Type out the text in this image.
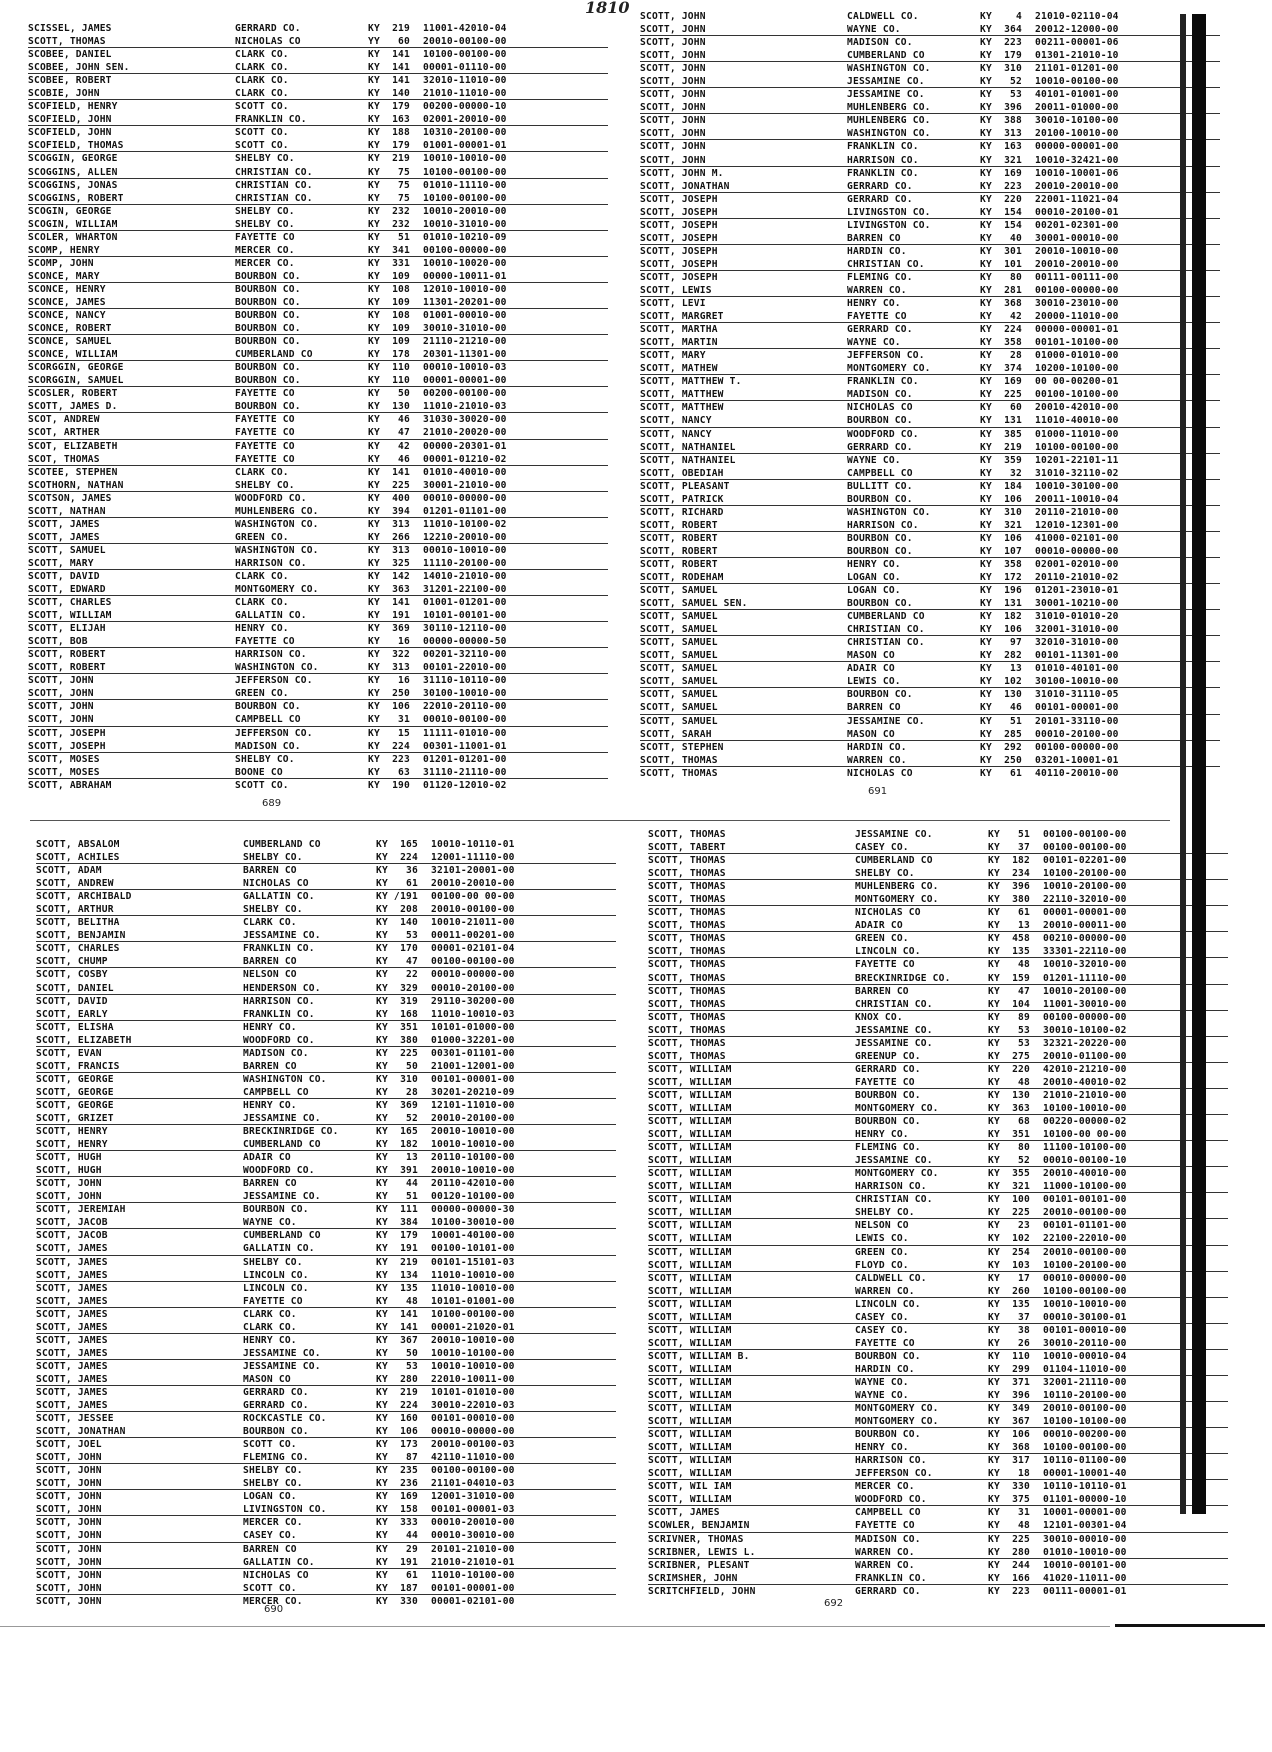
1810
SCISSEL, JAMES	GERRARD CO.	KY	219 11001-42010-04
SCOTT, THOMAS	NICHOLAS CO	YY	60 20010-00100-00
SCOBEE, DANIEL	CLARK CO.	KY	141 10100-00100-00
SCOBEE, JOHN SEN.	CLARK CO.	KY	141 00001-01110-00
SCOBEE, ROBERT	CLARK CO.	KY	141 32010-11010-00
SCOBIE, JOHN	CLARK CO.	KY	140 21010-11010-00
SCOFIELD, HENRY	SCOTT CO.	KY	179 00200-00000-10
SCOFIELD, JOHN	FRANKLIN CO.	KY	163 02001-20010-00
SCOFIELD, JOHN	SCOTT CO.	KY	188 10310-20100-00
SCOFIELD, THOMAS	SCOTT CO.	KY	179 01001-00001-01
SCOGGIN, GEORGE	SHELBY CO.	KY	219 10010-10010-00
SCOGGINS, ALLEN	CHRISTIAN CO.	KY	75 10100-00100-00
SCOGGINS, JONAS	CHRISTIAN CO.	KY	75 01010-11110-00
SCOGGINS, ROBERT	CHRISTIAN CO.	KY	75 10100-00100-00
SCOGIN, GEORGE	SHELBY CO.	KY	232 10010-20010-00
SCOGIN, WILLIAM	SHELBY CO.	KY	232 10010-31010-00
SCOLER, WHARTON	FAYETTE CO	KY	51 01010-10210-09
SCOMP, HENRY	MERCER CO.	KY	341 00100-00000-00
SCOMP, JOHN	MERCER CO.	KY	331 10010-10020-00
SCONCE, MARY	BOURBON CO.	KY	109 00000-10011-01
SCONCE, HENRY	BOURBON CO.	KY	108 12010-10010-00
SCONCE, JAMES	BOURBON CO.	KY	109 11301-20201-00
SCONCE, NANCY	BOURBON CO.	KY	108 01001-00010-00
SCONCE, ROBERT	BOURBON CO.	KY	109 30010-31010-00
SCONCE, SAMUEL	BOURBON CO.	KY	109 21110-21210-00
SCONCE, WILLIAM	CUMBERLAND CO	KY	178 20301-11301-00
SCORGGIN, GEORGE	BOURBON CO.	KY	110 00010-10010-03
SCORGGIN, SAMUEL	BOURBON CO.	KY	110 00001-00001-00
SCOSLER, ROBERT	FAYETTE CO	KY	50 00200-00100-00
SCOTT, JAMES D.	BOURBON CO.	KY	130 11010-21010-03
SCOT, ANDREW	FAYETTE CO	KY	46 31030-30020-00
SCOT, ARTHER	FAYETTE CO	KY	47 21010-20020-00
SCOT, ELIZABETH	FAYETTE CO	KY	42 00000-20301-01
SCOT, THOMAS	FAYETTE CO	KY	46 00001-01210-02
SCOTEE, STEPHEN	CLARK CO.	KY	141 01010-40010-00
SCOTHORN, NATHAN	SHELBY CO.	KY	225 30001-21010-00
SCOTSON, JAMES	WOODFORD CO.	KY	400 00010-00000-00
SCOTT, NATHAN	MUHLENBERG CO.	KY	394 01201-01101-00
SCOTT, JAMES	WASHINGTON CO.	KY	313 11010-10100-02
SCOTT, JAMES	GREEN CO.	KY	266 12210-20010-00
SCOTT, SAMUEL	WASHINGTON CO.	KY	313 00010-10010-00
SCOTT, MARY	HARRISON CO.	KY	325 11110-20100-00
SCOTT, DAVID	CLARK CO.	KY	142 14010-21010-00
SCOTT, EDWARD	MONTGOMERY CO.	KY	363 31201-22100-00
SCOTT, CHARLES	CLARK CO.	KY	141 01001-01201-00
SCOTT, WILLIAM	GALLATIN CO.	KY	191 10101-00101-00
SCOTT, ELIJAH	HENRY CO.	KY	369 30110-12110-00
SCOTT, BOB	FAYETTE CO	KY	16 00000-00000-50
SCOTT, ROBERT	HARRISON CO.	KY	322 00201-32110-00
SCOTT, ROBERT	WASHINGTON CO.	KY	313 00101-22010-00
SCOTT, JOHN	JEFFERSON CO.	KY	16 31110-10110-00
SCOTT, JOHN	GREEN CO.	KY	250 30100-10010-00
SCOTT, JOHN	BOURBON CO.	KY	106 22010-20110-00
SCOTT, JOHN	CAMPBELL CO	KY	31 00010-00100-00
SCOTT, JOSEPH	JEFFERSON CO.	KY	15 11111-01010-00
SCOTT, JOSEPH	MADISON CO.	KY	224 00301-11001-01
SCOTT, MOSES	SHELBY CO.	KY	223 01201-01201-00
SCOTT, MOSES	BOONE CO	KY	63 31110-21110-00
SCOTT, ABRAHAM	SCOTT CO.	KY	190 01120-12010-02
689
SCOTT, JOHN	CALDWELL CO.	KY	4 21010-02110-04
SCOTT, JOHN	WAYNE CO.	KY	364 20012-12000-00
SCOTT, JOHN	MADISON CO.	KY	223 00211-00001-06
SCOTT, JOHN	CUMBERLAND CO	KY	179 01301-21010-10
SCOTT, JOHN	WASHINGTON CO.	KY	310 21101-01201-00
SCOTT, JOHN	JESSAMINE CO.	KY	52 10010-00100-00
SCOTT, JOHN	JESSAMINE CO.	KY	53 40101-01001-00
SCOTT, JOHN	MUHLENBERG CO.	KY	396 20011-01000-00
SCOTT, JOHN	MUHLENBERG CO.	KY	388 30010-10100-00
SCOTT, JOHN	WASHINGTON CO.	KY	313 20100-10010-00
SCOTT, JOHN	FRANKLIN CO.	KY	163 00000-00001-00
SCOTT, JOHN	HARRISON CO.	KY	321 10010-32421-00
SCOTT, JOHN M.	FRANKLIN CO.	KY	169 10010-10001-06
SCOTT, JONATHAN	GERRARD CO.	KY	223 20010-20010-00
SCOTT, JOSEPH	GERRARD CO.	KY	220 22001-11021-04
SCOTT, JOSEPH	LIVINGSTON CO.	KY	154 00010-20100-01
SCOTT, JOSEPH	LIVINGSTON CO.	KY	154 00201-02301-00
SCOTT, JOSEPH	BARREN CO	KY	40 30001-00010-00
SCOTT, JOSEPH	HARDIN CO.	KY	301 20010-10010-00
SCOTT, JOSEPH	CHRISTIAN CO.	KY	101 20010-20010-00
SCOTT, JOSEPH	FLEMING CO.	KY	80 00111-00111-00
SCOTT, LEWIS	WARREN CO.	KY	281 00100-00000-00
SCOTT, LEVI	HENRY CO.	KY	368 30010-23010-00
SCOTT, MARGRET	FAYETTE CO	KY	42 20000-11010-00
SCOTT, MARTHA	GERRARD CO.	KY	224 00000-00001-01
SCOTT, MARTIN	WAYNE CO.	KY	358 00101-10100-00
SCOTT, MARY	JEFFERSON CO.	KY	28 01000-01010-00
SCOTT, MATHEW	MONTGOMERY CO.	KY	374 10200-10100-00
SCOTT, MATTHEW T.	FRANKLIN CO.	KY	169 00 00-00200-01
SCOTT, MATTHEW	MADISON CO.	KY	225 00100-10100-00
SCOTT, MATTHEW	NICHOLAS CO	KY	60 20010-42010-00
SCOTT, NANCY	BOURBON CO.	KY	131 11010-40010-00
SCOTT, NANCY	WOODFORD CO.	KY	385 01000-11010-00
SCOTT, NATHANIEL	GERRARD CO.	KY	219 10100-00100-00
SCOTT, NATHANIEL	WAYNE CO.	KY	359 10201-22101-11
SCOTT, OBEDIAH	CAMPBELL CO	KY	32 31010-32110-02
SCOTT, PLEASANT	BULLITT CO.	KY	184 10010-30100-00
SCOTT, PATRICK	BOURBON CO.	KY	106 20011-10010-04
SCOTT, RICHARD	WASHINGTON CO.	KY	310 20110-21010-00
SCOTT, ROBERT	HARRISON CO.	KY	321 12010-12301-00
SCOTT, ROBERT	BOURBON CO.	KY	106 41000-02101-00
SCOTT, ROBERT	BOURBON CO.	KY	107 00010-00000-00
SCOTT, ROBERT	HENRY CO.	KY	358 02001-02010-00
SCOTT, RODEHAM	LOGAN CO.	KY	172 20110-21010-02
SCOTT, SAMUEL	LOGAN CO.	KY	196 01201-23010-01
SCOTT, SAMUEL SEN.	BOURBON CO.	KY	131 30001-10210-00
SCOTT, SAMUEL	CUMBERLAND CO	KY	182 31010-01010-20
SCOTT, SAMUEL	CHRISTIAN CO.	KY	106 32001-31010-00
SCOTT, SAMUEL	CHRISTIAN CO.	KY	97 32010-31010-00
SCOTT, SAMUEL	MASON CO	KY	282 00101-11301-00
SCOTT, SAMUEL	ADAIR CO	KY	13 01010-40101-00
SCOTT, SAMUEL	LEWIS CO.	KY	102 30100-10010-00
SCOTT, SAMUEL	BOURBON CO.	KY	130 31010-31110-05
SCOTT, SAMUEL	BARREN CO	KY	46 00101-00001-00
SCOTT, SAMUEL	JESSAMINE CO.	KY	51 20101-33110-00
SCOTT, SARAH	MASON CO	KY	285 00010-20100-00
SCOTT, STEPHEN	HARDIN CO.	KY	292 00100-00000-00
SCOTT, THOMAS	WARREN CO.	KY	250 03201-10001-01
SCOTT, THOMAS	NICHOLAS CO	KY	61 40110-20010-00
691
SCOTT, ABSALOM	CUMBERLAND CO	KY	165 10010-10110-01
SCOTT, ACHILES	SHELBY CO.	KY	224 12001-11110-00
SCOTT, ADAM	BARREN CO	KY	36 32101-20001-00
SCOTT, ANDREW	NICHOLAS CO	KY	61 20010-20010-00
SCOTT, ARCHIBALD	GALLATIN CO.	KY / 191 00100-00 00-00
SCOTT, ARTHUR	SHELBY CO.	KY	208 20010-00100-00
SCOTT, BELITHA	CLARK CO.	KY	140 10010-21011-00
SCOTT, BENJAMIN	JESSAMINE CO.	KY	53 00011-00201-00
SCOTT, CHARLES	FRANKLIN CO.	KY	170 00001-02101-04
SCOTT, CHUMP	BARREN CO	KY	47 00100-00100-00
SCOTT, COSBY	NELSON CO	KY	22 00010-00000-00
SCOTT, DANIEL	HENDERSON CO.	KY	329 00010-20100-00
SCOTT, DAVID	HARRISON CO.	KY	319 29110-30200-00
SCOTT, EARLY	FRANKLIN CO.	KY	168 11010-10010-03
SCOTT, ELISHA	HENRY CO.	KY	351 10101-01000-00
SCOTT, ELIZABETH	WOODFORD CO.	KY	380 01000-32201-00
SCOTT, EVAN	MADISON CO.	KY	225 00301-01101-00
SCOTT, FRANCIS	BARREN CO	KY	50 21001-12001-00
SCOTT, GEORGE	WASHINGTON CO.	KY	310 00101-00001-00
SCOTT, GEORGE	CAMPBELL CO	KY	28 30201-20210-09
SCOTT, GEORGE	HENRY CO.	KY	369 12101-11010-00
SCOTT, GRIZET	JESSAMINE CO.	KY	52 20010-20100-00
SCOTT, HENRY	BRECKINRIDGE CO.	KY	165 20010-10010-00
SCOTT, HENRY	CUMBERLAND CO	KY	182 10010-10010-00
SCOTT, HUGH	ADAIR CO	KY	13 20110-10100-00
SCOTT, HUGH	WOODFORD CO.	KY	391 20010-10010-00
SCOTT, JOHN	BARREN CO	KY	44 20110-42010-00
SCOTT, JOHN	JESSAMINE CO.	KY	51 00120-10100-00
SCOTT, JEREMIAH	BOURBON CO.	KY	111 00000-00000-30
SCOTT, JACOB	WAYNE CO.	KY	384 10100-30010-00
SCOTT, JACOB	CUMBERLAND CO	KY	179 10001-40100-00
SCOTT, JAMES	GALLATIN CO.	KY	191 00100-10101-00
SCOTT, JAMES	SHELBY CO.	KY	219 00101-15101-03
SCOTT, JAMES	LINCOLN CO.	KY	134 11010-10010-00
SCOTT, JAMES	LINCOLN CO.	KY	135 11010-10010-00
SCOTT, JAMES	FAYETTE CO	KY	48 10101-01001-00
SCOTT, JAMES	CLARK CO.	KY	141 10100-00100-00
SCOTT, JAMES	CLARK CO.	KY	141 00001-21020-01
SCOTT, JAMES	HENRY CO.	KY	367 20010-10010-00
SCOTT, JAMES	JESSAMINE CO.	KY	50 10010-10100-00
SCOTT, JAMES	JESSAMINE CO.	KY	53 10010-10010-00
SCOTT, JAMES	MASON CO	KY	280 22010-10011-00
SCOTT, JAMES	GERRARD CO.	KY	219 10101-01010-00
SCOTT, JAMES	GERRARD CO.	KY	224 30010-22010-03
SCOTT, JESSEE	ROCKCASTLE CO.	KY	160 00101-00010-00
SCOTT, JONATHAN	BOURBON CO.	KY	106 00010-00000-00
SCOTT, JOEL	SCOTT CO.	KY	173 20010-00100-03
SCOTT, JOHN	FLEMING CO.	KY	87 42110-11010-00
SCOTT, JOHN	SHELBY CO.	KY	235 00100-00100-00
SCOTT, JOHN	SHELBY CO.	KY	236 21101-04010-03
SCOTT, JOHN	LOGAN CO.	KY	169 12001-31010-00
SCOTT, JOHN	LIVINGSTON CO.	KY	158 00101-00001-03
SCOTT, JOHN	MERCER CO.	KY	333 00010-20010-00
SCOTT, JOHN	CASEY CO.	KY	44 00010-30010-00
SCOTT, JOHN	BARREN CO	KY	29 20101-21010-00
SCOTT, JOHN	GALLATIN CO.	KY	191 21010-21010-01
SCOTT, JOHN	NICHOLAS CO	KY	61 11010-10100-00
SCOTT, JOHN	SCOTT CO.	KY	187 00101-00001-00
SCOTT, JOHN	MERCER CO.	KY	330 00001-02101-00
690
SCOTT, THOMAS	JESSAMINE CO.	KY	51 00100-00100-00
SCOTT, TABERT	CASEY CO.	KY	37 00100-00100-00
SCOTT, THOMAS	CUMBERLAND CO	KY	182 00101-02201-00
SCOTT, THOMAS	SHELBY CO.	KY	234 10100-20100-00
SCOTT, THOMAS	MUHLENBERG CO.	KY	396 10010-20100-00
SCOTT, THOMAS	MONTGOMERY CO.	KY	380 22110-32010-00
SCOTT, THOMAS	NICHOLAS CO	KY	61 00001-00001-00
SCOTT, THOMAS	ADAIR CO	KY	13 20010-00011-00
SCOTT, THOMAS	GREEN CO.	KY	458 00210-00000-00
SCOTT, THOMAS	LINCOLN CO.	KY	135 33301-22110-00
SCOTT, THOMAS	FAYETTE CO	KY	48 10010-32010-00
SCOTT, THOMAS	BRECKINRIDGE CO.	KY	159 01201-11110-00
SCOTT, THOMAS	BARREN CO	KY	47 10010-20100-00
SCOTT, THOMAS	CHRISTIAN CO.	KY	104 11001-30010-00
SCOTT, THOMAS	KNOX CO.	KY	89 00100-00000-00
SCOTT, THOMAS	JESSAMINE CO.	KY	53 30010-10100-02
SCOTT, THOMAS	JESSAMINE CO.	KY	53 32321-20220-00
SCOTT, THOMAS	GREENUP CO.	KY	275 20010-01100-00
SCOTT, WILLIAM	GERRARD CO.	KY	220 42010-21210-00
SCOTT, WILLIAM	FAYETTE CO	KY	48 20010-40010-02
SCOTT, WILLIAM	BOURBON CO.	KY	130 21010-21010-00
SCOTT, WILLIAM	MONTGOMERY CO.	KY	363 10100-10010-00
SCOTT, WILLIAM	BOURBON CO.	KY	68 00220-00000-02
SCOTT, WILLIAM	HENRY CO.	KY	351 10100-00 00-00
SCOTT, WILLIAM	FLEMING CO.	KY	80 11100-10100-00
SCOTT, WILLIAM	JESSAMINE CO.	KY	52 00010-00100-10
SCOTT, WILLIAM	MONTGOMERY CO.	KY	355 20010-40010-00
SCOTT, WILLIAM	HARRISON CO.	KY	321 11000-10100-00
SCOTT, WILLIAM	CHRISTIAN CO.	KY	100 00101-00101-00
SCOTT, WILLIAM	SHELBY CO.	KY	225 20010-00100-00
SCOTT, WILLIAM	NELSON CO	KY	23 00101-01101-00
SCOTT, WILLIAM	LEWIS CO.	KY	102 22100-22010-00
SCOTT, WILLIAM	GREEN CO.	KY	254 20010-00100-00
SCOTT, WILLIAM	FLOYD CO.	KY	103 10100-20100-00
SCOTT, WILLIAM	CALDWELL CO.	KY	17 00010-00000-00
SCOTT, WILLIAM	WARREN CO.	KY	260 10100-00100-00
SCOTT, WILLIAM	LINCOLN CO.	KY	135 10010-10010-00
SCOTT, WILLIAM	CASEY CO.	KY	37 00010-30100-01
SCOTT, WILLIAM	CASEY CO.	KY	38 00101-00010-00
SCOTT, WILLIAM	FAYETTE CO	KY	26 30010-20110-00
SCOTT, WILLIAM B.	BOURBON CO.	KY	110 10010-00010-04
SCOTT, WILLIAM	HARDIN CO.	KY	299 01104-11010-00
SCOTT, WILLIAM	WAYNE CO.	KY	371 32001-21110-00
SCOTT, WILLIAM	WAYNE CO.	KY	396 10110-20100-00
SCOTT, WILLIAM	MONTGOMERY CO.	KY	349 20010-00100-00
SCOTT, WILLIAM	MONTGOMERY CO.	KY	367 10100-10100-00
SCOTT, WILLIAM	BOURBON CO.	KY	106 00010-00200-00
SCOTT, WILLIAM	HENRY CO.	KY	368 10100-00100-00
SCOTT, WILLIAM	HARRISON CO.	KY	317 10110-01100-00
SCOTT, WILLIAM	JEFFERSON CO.	KY	18 00001-10001-40
SCOTT, WIL IAM	MERCER CO.	KY	330 10110-10110-01
SCOTT, WILLIAM	WOODFORD CO.	KY	375 01101-00000-10
SCOTT, JAMES	CAMPBELL CO	KY	31 10001-00001-00
SCOWLER, BENJAMIN	FAYETTE CO	KY	48 12101-00301-04
SCRIVNER, THOMAS	MADISON CO.	KY	225 30010-00010-00
SCRIBNER, LEWIS L.	WARREN CO.	KY	280 01010-10010-00
SCRIBNER, PLESANT	WARREN CO.	KY	244 10010-00101-00
SCRIMSHER, JOHN	FRANKLIN CO.	KY	166 41020-11011-00
SCRITCHFIELD, JOHN	GERRARD CO.	KY	223 00111-00001-01
692
